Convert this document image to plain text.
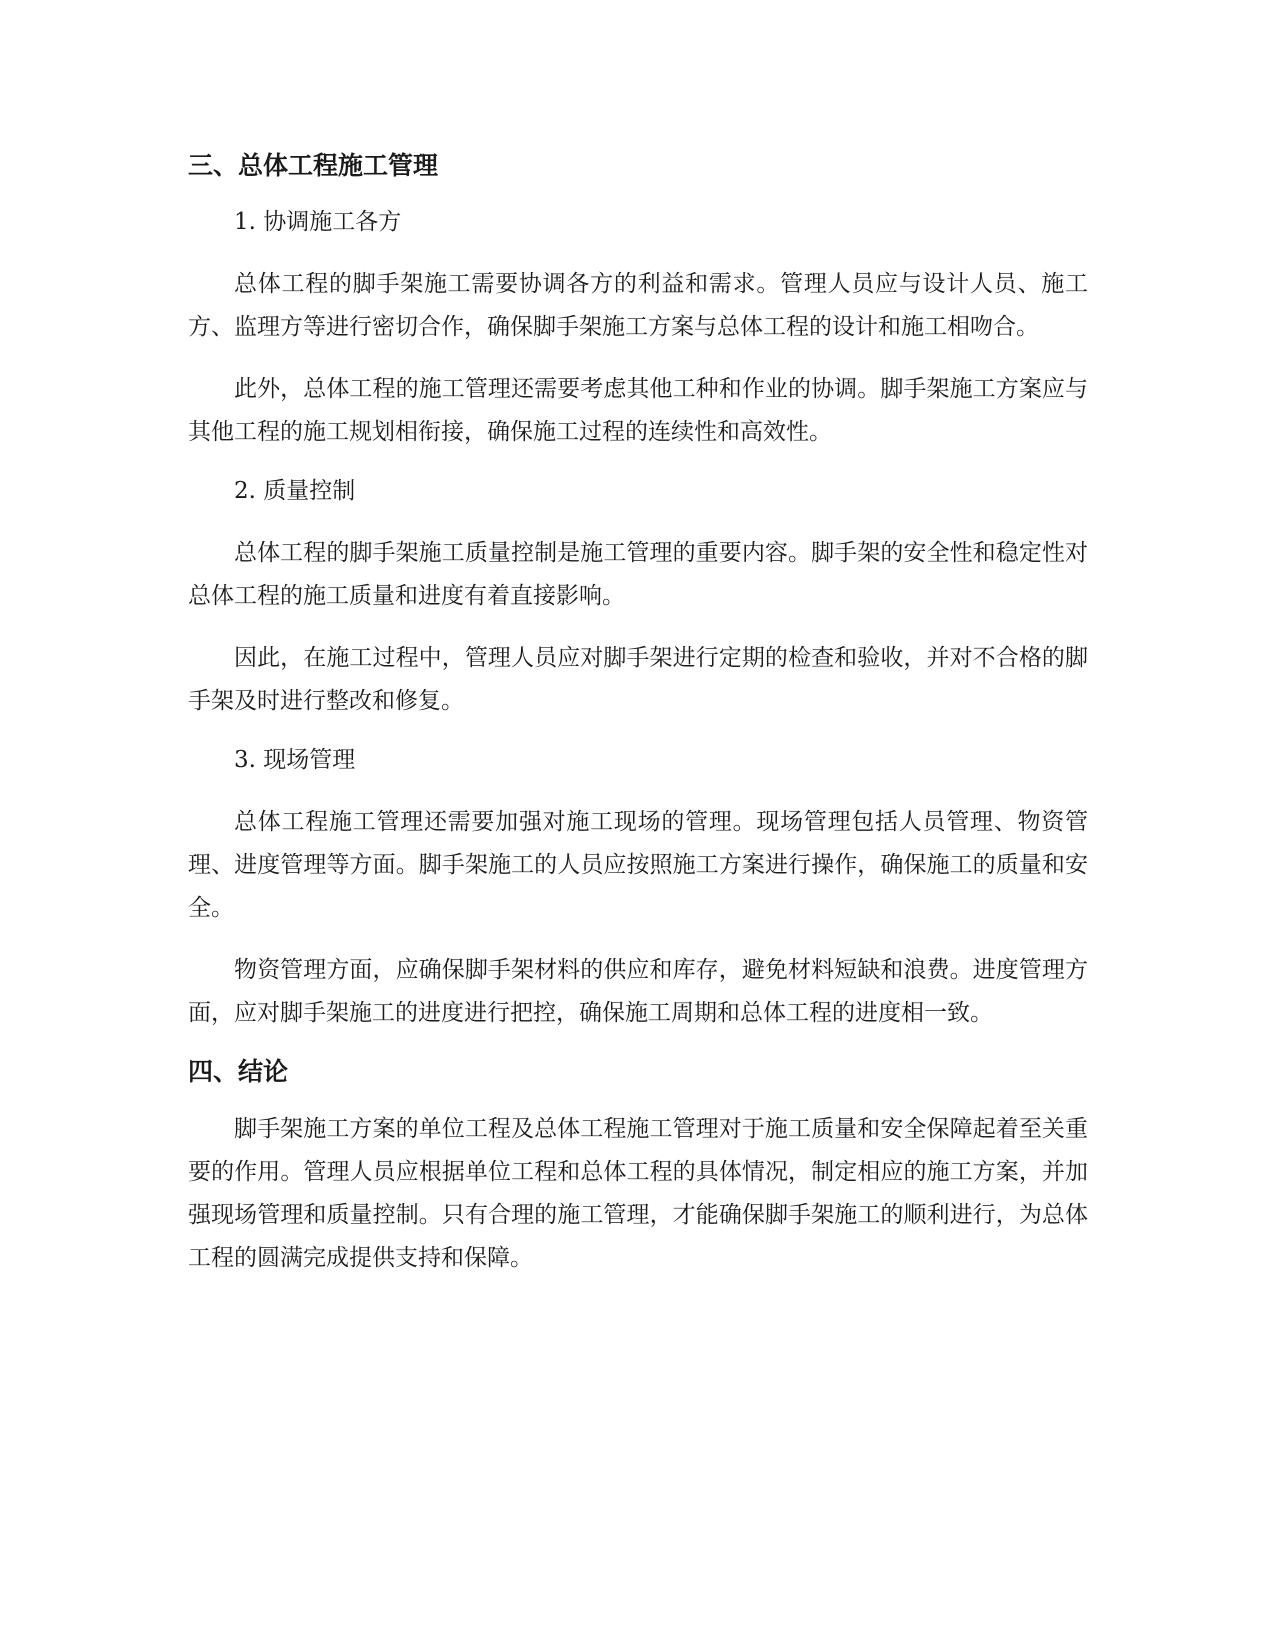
三、总体工程施工管理
1. 协调施工各方

总体工程的脚手架施工需要协调各方的利益和需求。管理人员应与设计人员、施工方、监理方等进行密切合作，确保脚手架施工方案与总体工程的设计和施工相吻合。

此外，总体工程的施工管理还需要考虑其他工种和作业的协调。脚手架施工方案应与其他工程的施工规划相衔接，确保施工过程的连续性和高效性。

2. 质量控制

总体工程的脚手架施工质量控制是施工管理的重要内容。脚手架的安全性和稳定性对总体工程的施工质量和进度有着直接影响。

因此，在施工过程中，管理人员应对脚手架进行定期的检查和验收，并对不合格的脚手架及时进行整改和修复。

3. 现场管理

总体工程施工管理还需要加强对施工现场的管理。现场管理包括人员管理、物资管理、进度管理等方面。脚手架施工的人员应按照施工方案进行操作，确保施工的质量和安全。

物资管理方面，应确保脚手架材料的供应和库存，避免材料短缺和浪费。进度管理方面，应对脚手架施工的进度进行把控，确保施工周期和总体工程的进度相一致。

四、结论

脚手架施工方案的单位工程及总体工程施工管理对于施工质量和安全保障起着至关重要的作用。管理人员应根据单位工程和总体工程的具体情况，制定相应的施工方案，并加强现场管理和质量控制。只有合理的施工管理，才能确保脚手架施工的顺利进行，为总体工程的圆满完成提供支持和保障。
